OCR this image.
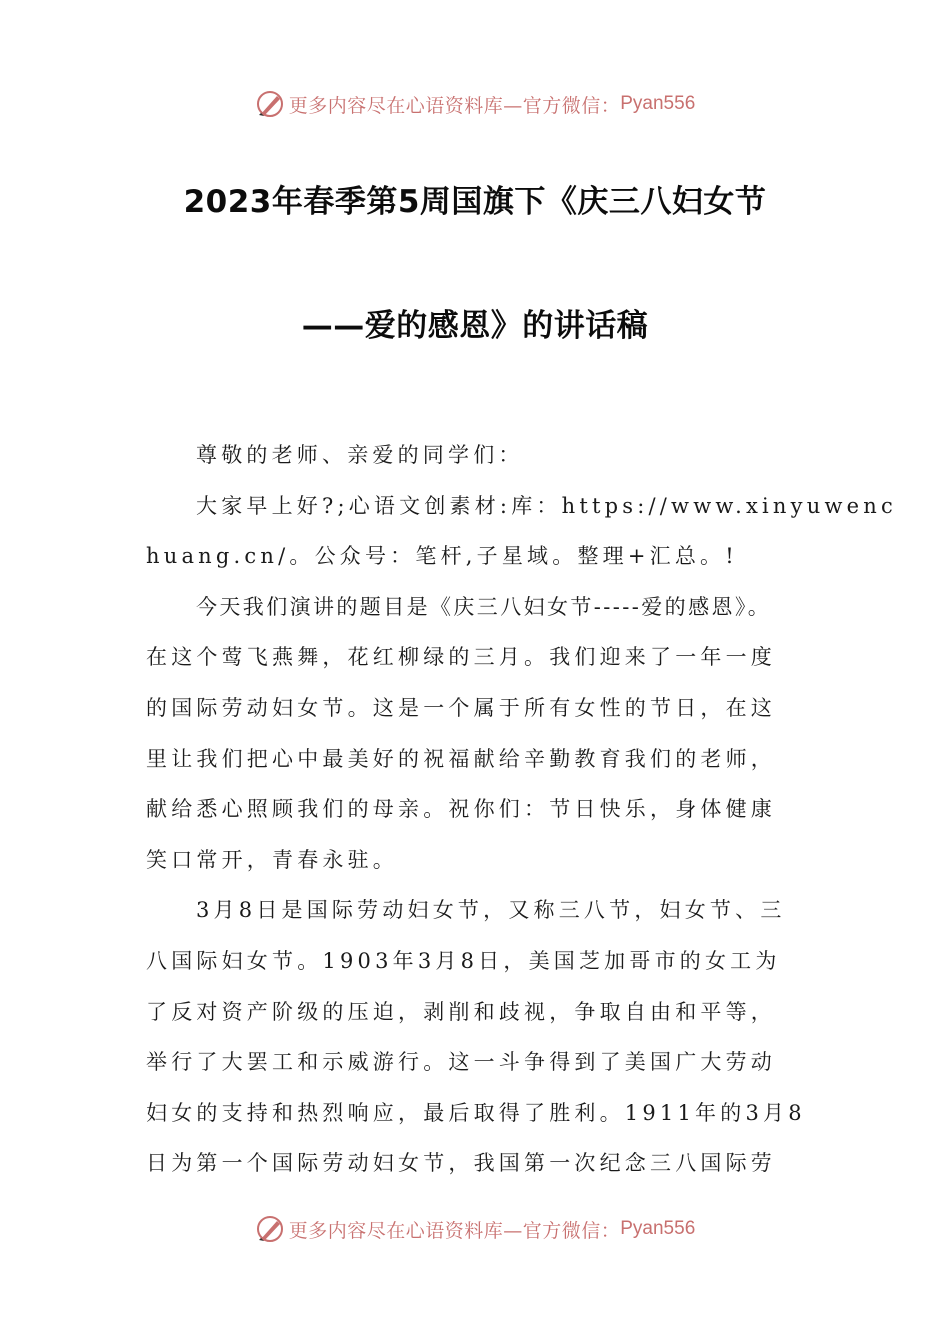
更多内容尽在心语资料库—官方微信： Pyan556
2023年春季第5周国旗下《庆三八妇女节
——爱的感恩》的讲话稿
尊敬的老师、亲爱的同学们：
大家早上好?;心语文创素材:库：https://www.xinyuwenc
huang.cn/。公众号：笔杆,子星域。整理+汇总。!
今天我们演讲的题目是《庆三八妇女节-----爱的感恩》。
在这个莺飞燕舞，花红柳绿的三月。我们迎来了一年一度
的国际劳动妇女节。这是一个属于所有女性的节日，在这
里让我们把心中最美好的祝福献给辛勤教育我们的老师，
献给悉心照顾我们的母亲。祝你们：节日快乐，身体健康
笑口常开，青春永驻。
3月8日是国际劳动妇女节，又称三八节，妇女节、三
八国际妇女节。1903年3月8日，美国芝加哥市的女工为
了反对资产阶级的压迫，剥削和歧视，争取自由和平等，
举行了大罢工和示威游行。这一斗争得到了美国广大劳动
妇女的支持和热烈响应，最后取得了胜利。1911年的3月8
日为第一个国际劳动妇女节，我国第一次纪念三八国际劳
更多内容尽在心语资料库—官方微信： Pyan556
